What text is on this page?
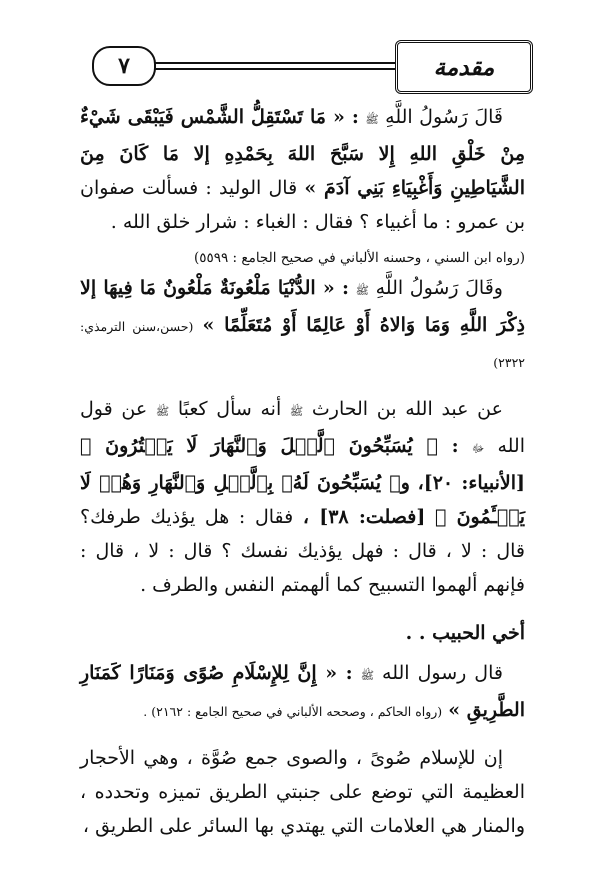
٧	مقدمة

قَالَ رَسُولُ اللَّهِ ﷺ : « مَا تَسْتَقِلُّ الشَّمْس فَيَبْقَى شَيْءٌ مِنْ خَلْقِ اللهِ إِلا سَبَّحَ اللهَ بِحَمْدِهِ إلا مَا كَانَ مِنَ الشَّيَاطِينِ وَأَغْبِيَاءِ بَنِي آدَمَ » قال الوليد : فسألت صفوان بن عمرو : ما أغبياء ؟ فقال : الغباء : شرار خلق الله .

(رواه ابن السني ، وحسنه الألباني في صحيح الجامع : ٥٥٩٩)

وقَالَ رَسُولُ اللَّهِ ﷺ : « الدُّنْيَا مَلْعُونَةٌ مَلْعُونٌ مَا فِيهَا إلا ذِكْرَ اللَّهِ وَمَا وَالاهُ أَوْ عَالِمًا أَوْ مُتَعَلِّمًا » (حسن،سنن الترمذي: ٢٣٢٢)

عن عبد الله بن الحارث ﷺ أنه سأل كعبًا ﷺ عن قول الله ﷻ : ﴿ يُسَبِّحُونَ ٱلَّيۡلَ وَٱلنَّهَارَ لَا يَفۡتُرُونَ ﴾ [الأنبياء: ٢٠]، و﴿ يُسَبِّحُونَ لَهُۥ بِٱلَّيۡلِ وَٱلنَّهَارِ وَهُمۡ لَا يَسۡـَٔمُونَ ﴾ [فصلت: ٣٨] ، فقال : هل يؤذيك طرفك؟ قال : لا ، قال : فهل يؤذيك نفسك ؟ قال : لا ، قال : فإنهم ألهموا التسبيح كما ألهمتم النفس والطرف .

أخي الحبيب . .

قال رسول الله ﷺ : « إِنَّ لِلإِسْلَامِ صُوًى وَمَنَارًا كَمَنَارِ الطَّرِيقِ » (رواه الحاكم ، وصححه الألباني في صحيح الجامع : ٢١٦٢) .

إن للإسلام صُوىً ، والصوى جمع صُوَّة ، وهي الأحجار العظيمة التي توضع على جنبتي الطريق تميزه وتحدده ، والمنار هي العلامات التي يهتدي بها السائر على الطريق ،
